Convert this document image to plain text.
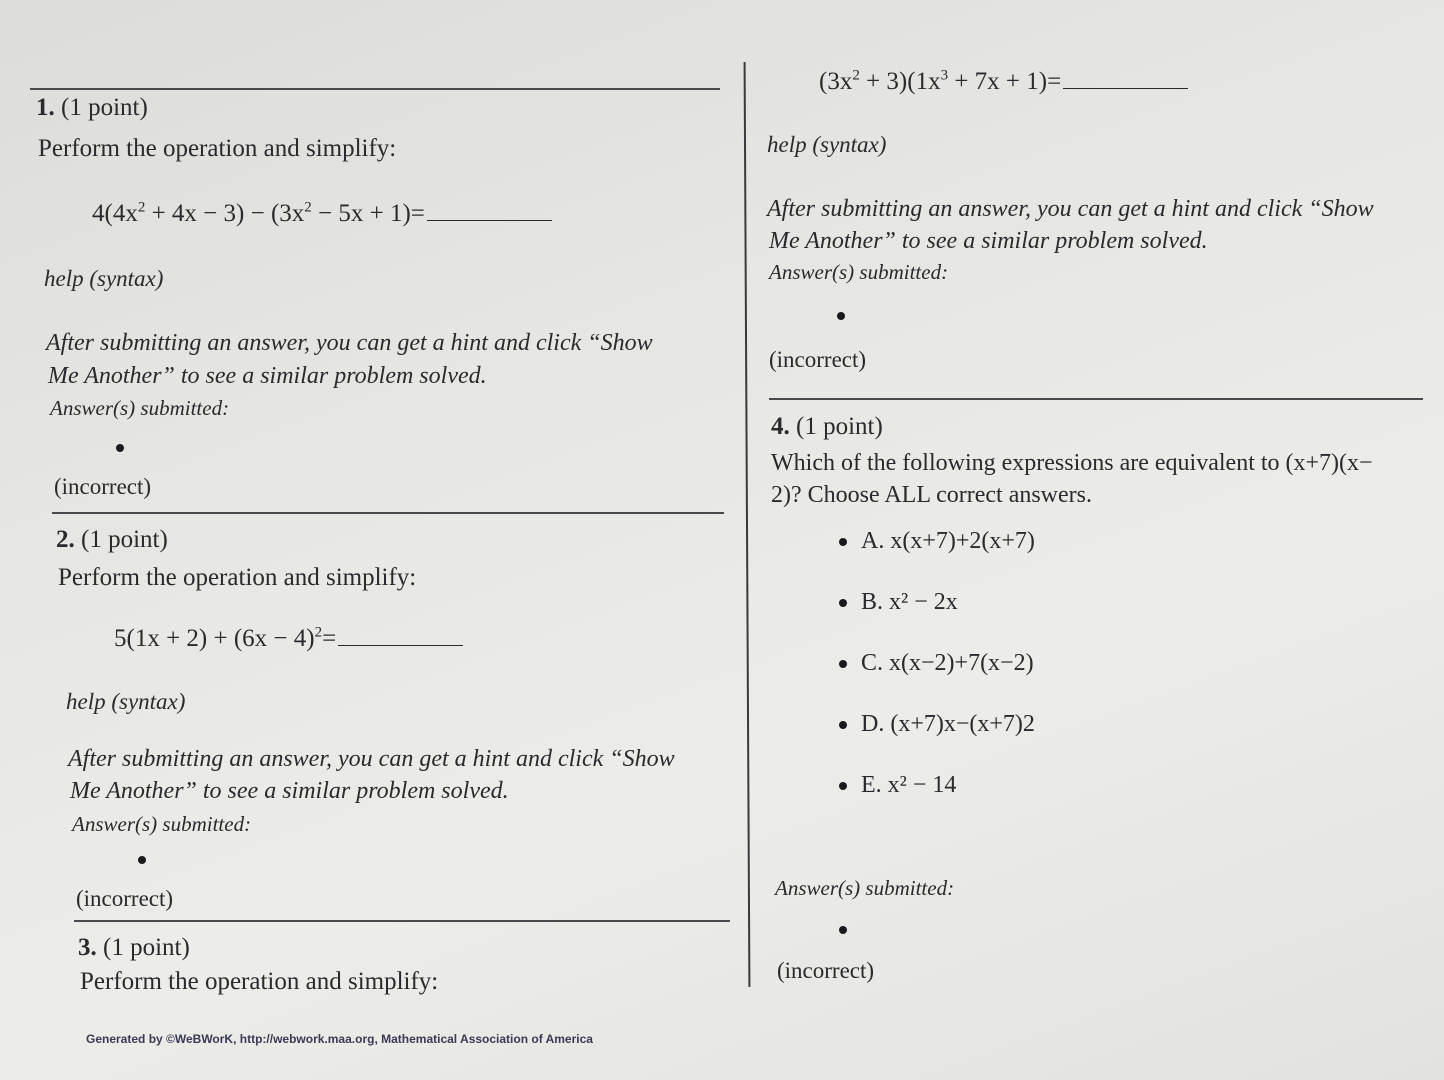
1. (1 point)
Perform the operation and simplify:
$4(4x^2 + 4x - 3) - (3x^2 - 5x + 1)=$
help (syntax)
After submitting an answer, you can get a hint and click “Show
Me Another” to see a similar problem solved.
Answer(s) submitted:
(incorrect)
2. (1 point)
Perform the operation and simplify:
$5(1x + 2) + (6x - 4)^2=$
help (syntax)
After submitting an answer, you can get a hint and click “Show
Me Another” to see a similar problem solved.
Answer(s) submitted:
(incorrect)
3. (1 point)
Perform the operation and simplify:
Generated by ©WeBWorK, http://webwork.maa.org, Mathematical Association of America
$(3x^2 + 3)(1x^3 + 7x + 1)=$
help (syntax)
After submitting an answer, you can get a hint and click “Show
Me Another” to see a similar problem solved.
Answer(s) submitted:
(incorrect)
4. (1 point)
Which of the following expressions are equivalent to (x+7)(x−
2)? Choose ALL correct answers.
A. x(x+7)+2(x+7)
B. x² − 2x
C. x(x−2)+7(x−2)
D. (x+7)x−(x+7)2
E. x² − 14
Answer(s) submitted:
(incorrect)
